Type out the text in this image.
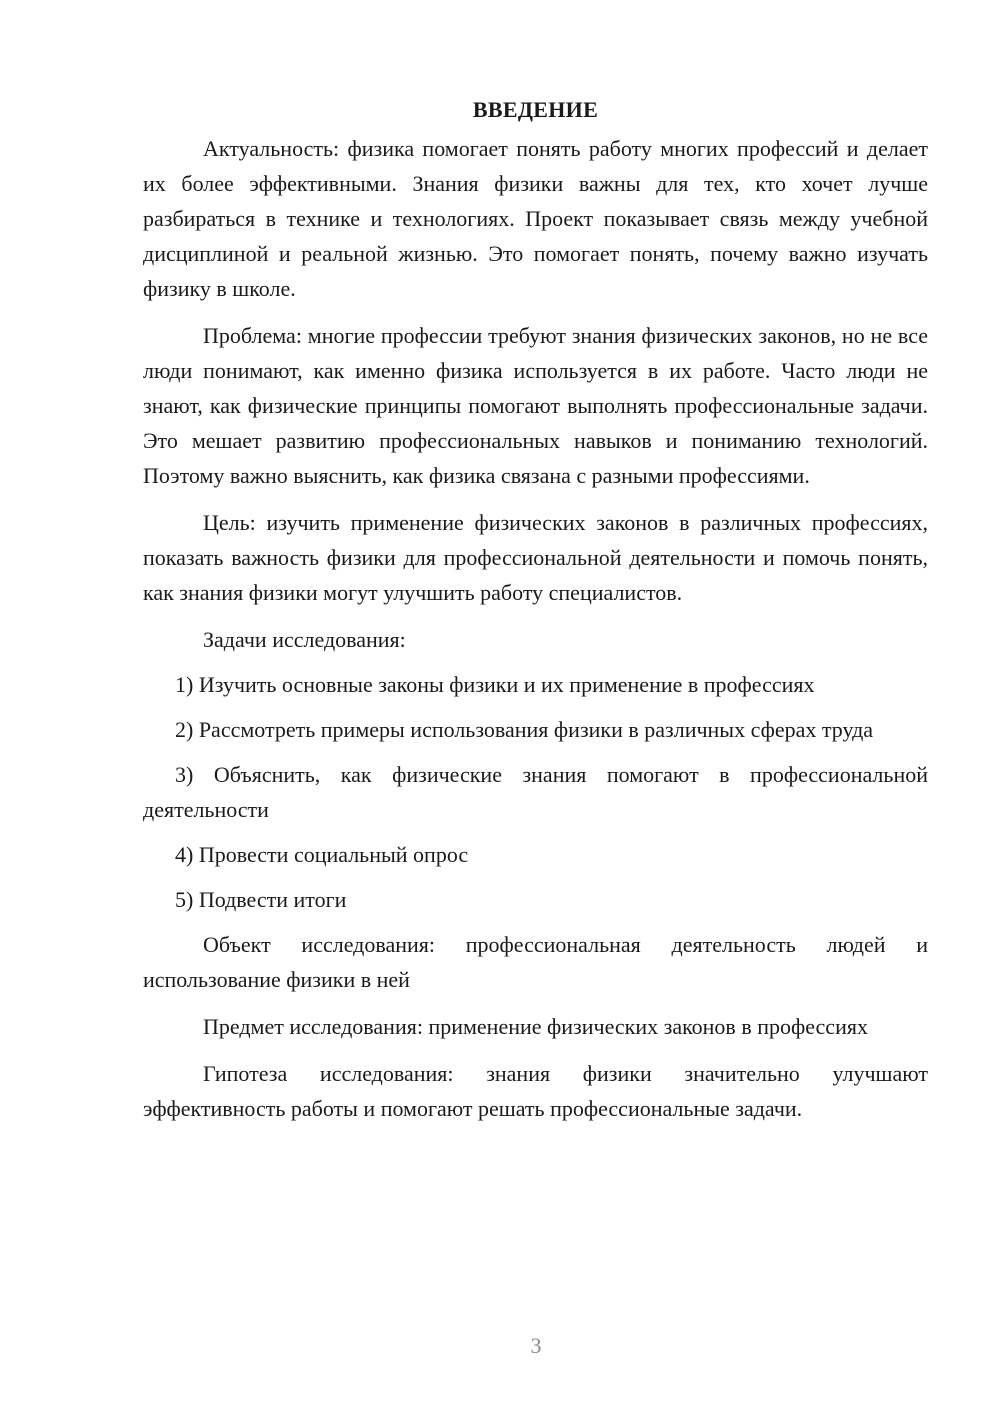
ВВЕДЕНИЕ

Актуальность: физика помогает понять работу многих профессий и делает их более эффективными. Знания физики важны для тех, кто хочет лучше разбираться в технике и технологиях. Проект показывает связь между учебной дисциплиной и реальной жизнью. Это помогает понять, почему важно изучать физику в школе.

Проблема: многие профессии требуют знания физических законов, но не все люди понимают, как именно физика используется в их работе. Часто люди не знают, как физические принципы помогают выполнять профессиональные задачи. Это мешает развитию профессиональных навыков и пониманию технологий. Поэтому важно выяснить, как физика связана с разными профессиями.

Цель: изучить применение физических законов в различных профессиях, показать важность физики для профессиональной деятельности и помочь понять, как знания физики могут улучшить работу специалистов.

Задачи исследования:

1) Изучить основные законы физики и их применение в профессиях

2) Рассмотреть примеры использования физики в различных сферах труда

3) Объяснить, как физические знания помогают в профессиональной деятельности

4) Провести социальный опрос

5) Подвести итоги

Объект исследования: профессиональная деятельность людей и использование физики в ней

Предмет исследования: применение физических законов в профессиях

Гипотеза исследования: знания физики значительно улучшают эффективность работы и помогают решать профессиональные задачи.

3
